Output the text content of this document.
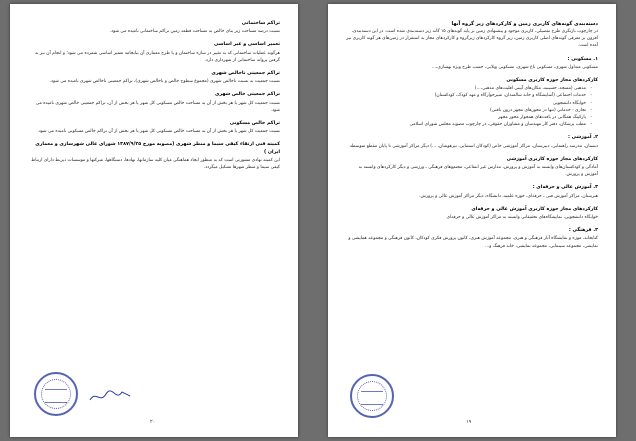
تراکم ساختمانی

نسبت درصد مساحت زیر بنای خالص به مساحت قطعه زمین تراکم ساختمانی نامیده می شود.

تعمیر اساسی و غیر اساسی

هرگونه عملیات ساختمانی که به تغییر در سازه ساختمان و یا طرح معماری آن بیانجامد تعمیر اساسی شمرده می شود؛ و انجام آن نیز به گرفتن پروانه ساختمانی از شهرداری دارد.

تراکم جمعیتی ناخالص شهری

نسبت جمعیت به نسبت ناخالص شهری (مجموع سطوح خالص و ناخالص شهری)، تراکم جمعیتی ناخالص شهری نامیده می شود.

تراکم جمعیتی خالص شهری

نسبت جمعیت کل شهر یا هر بخش از آن به مساحت خالص مسکونی کل شهر یا هر بخش از آن، تراکم جمعیتی خالص شهری نامیده می شود.

تراکم خالص مسکونی

نسبت جمعیت کل شهر یا هر بخش از آن به مساحت خالص مسکونی کل شهر یا هر بخش از آن تراکم خالص مسکونی نامیده می شود.

کمیته فنی ارتقاء کیفی سیما و منظر شهری (مصوبه مورخ ۱۳۸۷/۹/۲۵ شورای عالی شهرسازی و معماری ایران )

این کمیته نهادی مشورتی است که به منظور ایجاد هماهنگی میان کلیه سازمانها، نهادها، دستگاهها، شرکتها و موسسات ذیربط دارای ارتباط کیفی سیما و منظر شهرها تشکیل میگردد.

۲۰
دسته‌بندی گونه‌های کاربری زمین و کارکردهای زیر گروه آنها

در چارچوب بازنگری طرح تفصیلی، کاربری موجود و پیشنهادی زمین بر پایه گونه‌های ۱۵ گانه زیر دسته‌بندی شده است. در این دسته‌بندی، افزون بر معرفی گونه‌های اصلی کاربری زمین، زیر گروه کارکردهای زیرگروه و کارکردهای مجاز به استقرار در زمین‌های هر گونه کاربری نیز آمده است.

۱. مسکونی :

مسکونی متداول شهری، مسکونی باغ شهری، مسکونی ویلایی، حسب طرح ویژه بهسازی،...

کارکردهای مجاز حوزه کاربری مسکونی
- مذهبی (مسجد، حسینیه، مکان‌های آیینی اقلیت‌های مذهبی،...)
- خدمات اجتماعی (آسایشگاه و خانه سالمندان، شیرخوارگاه و مهد کودک، کودکستان)
- خوابگاه دانشجویی
- تجاری - خدماتی (تنها در محورهای مجهز درون بافتی)
- پارکینگ همگانی در بافت‌های همجوار محور مجهز
- مطب پزشکان، دفتر کار مهندسان و مشاوران حقوقی، در چارچوب مصوبه مجلس شورای اسلامی
۲. آموزشی :

دبستان، مدرسه راهنمایی، دبیرستان، مراکز آموزشی خاص (کودکان استثنایی، تیزهوشان، ...) دیگر مراکز آموزشی تا پایان مقطع متوسطه

کارکردهای مجاز حوزه کاربری آموزشی

آمادگی و کودکستان‌های وابسته به آموزش و پرورش، مدارس غیر انتفاعی، مجتمع‌های فرهنگی ـ ورزشی و دیگر کارکردهای وابسته به آموزش و پرورش.

۳. آموزش عالی و حرفه‌ای :

هنرستان، مراکز آموزش فنی ـ حرفه‌ای، حوزه علمیه، دانشگاه، دیگر مراکز آموزش عالی و پرورش.

کارکردهای مجاز حوزه کاربری آموزش عالی و حرفه‌ای

خوابگاه دانشجویی، نمایشگاه‌های تحقیقاتی وابسته به مراکز آموزش عالی و حرفه‌ای

۴. فرهنگی :

کتابخانه، موزه و نمایشگاه آثار فرهنگی و هنری، مجموعه آموزش هنری، کانون پرورش فکری کودکان، کانون فرهنگی و مجموعه همایشی و نمایشی، مجموعه سینمایی، مجموعه نمایشی، خانه فرهنگ و...

۱۹
